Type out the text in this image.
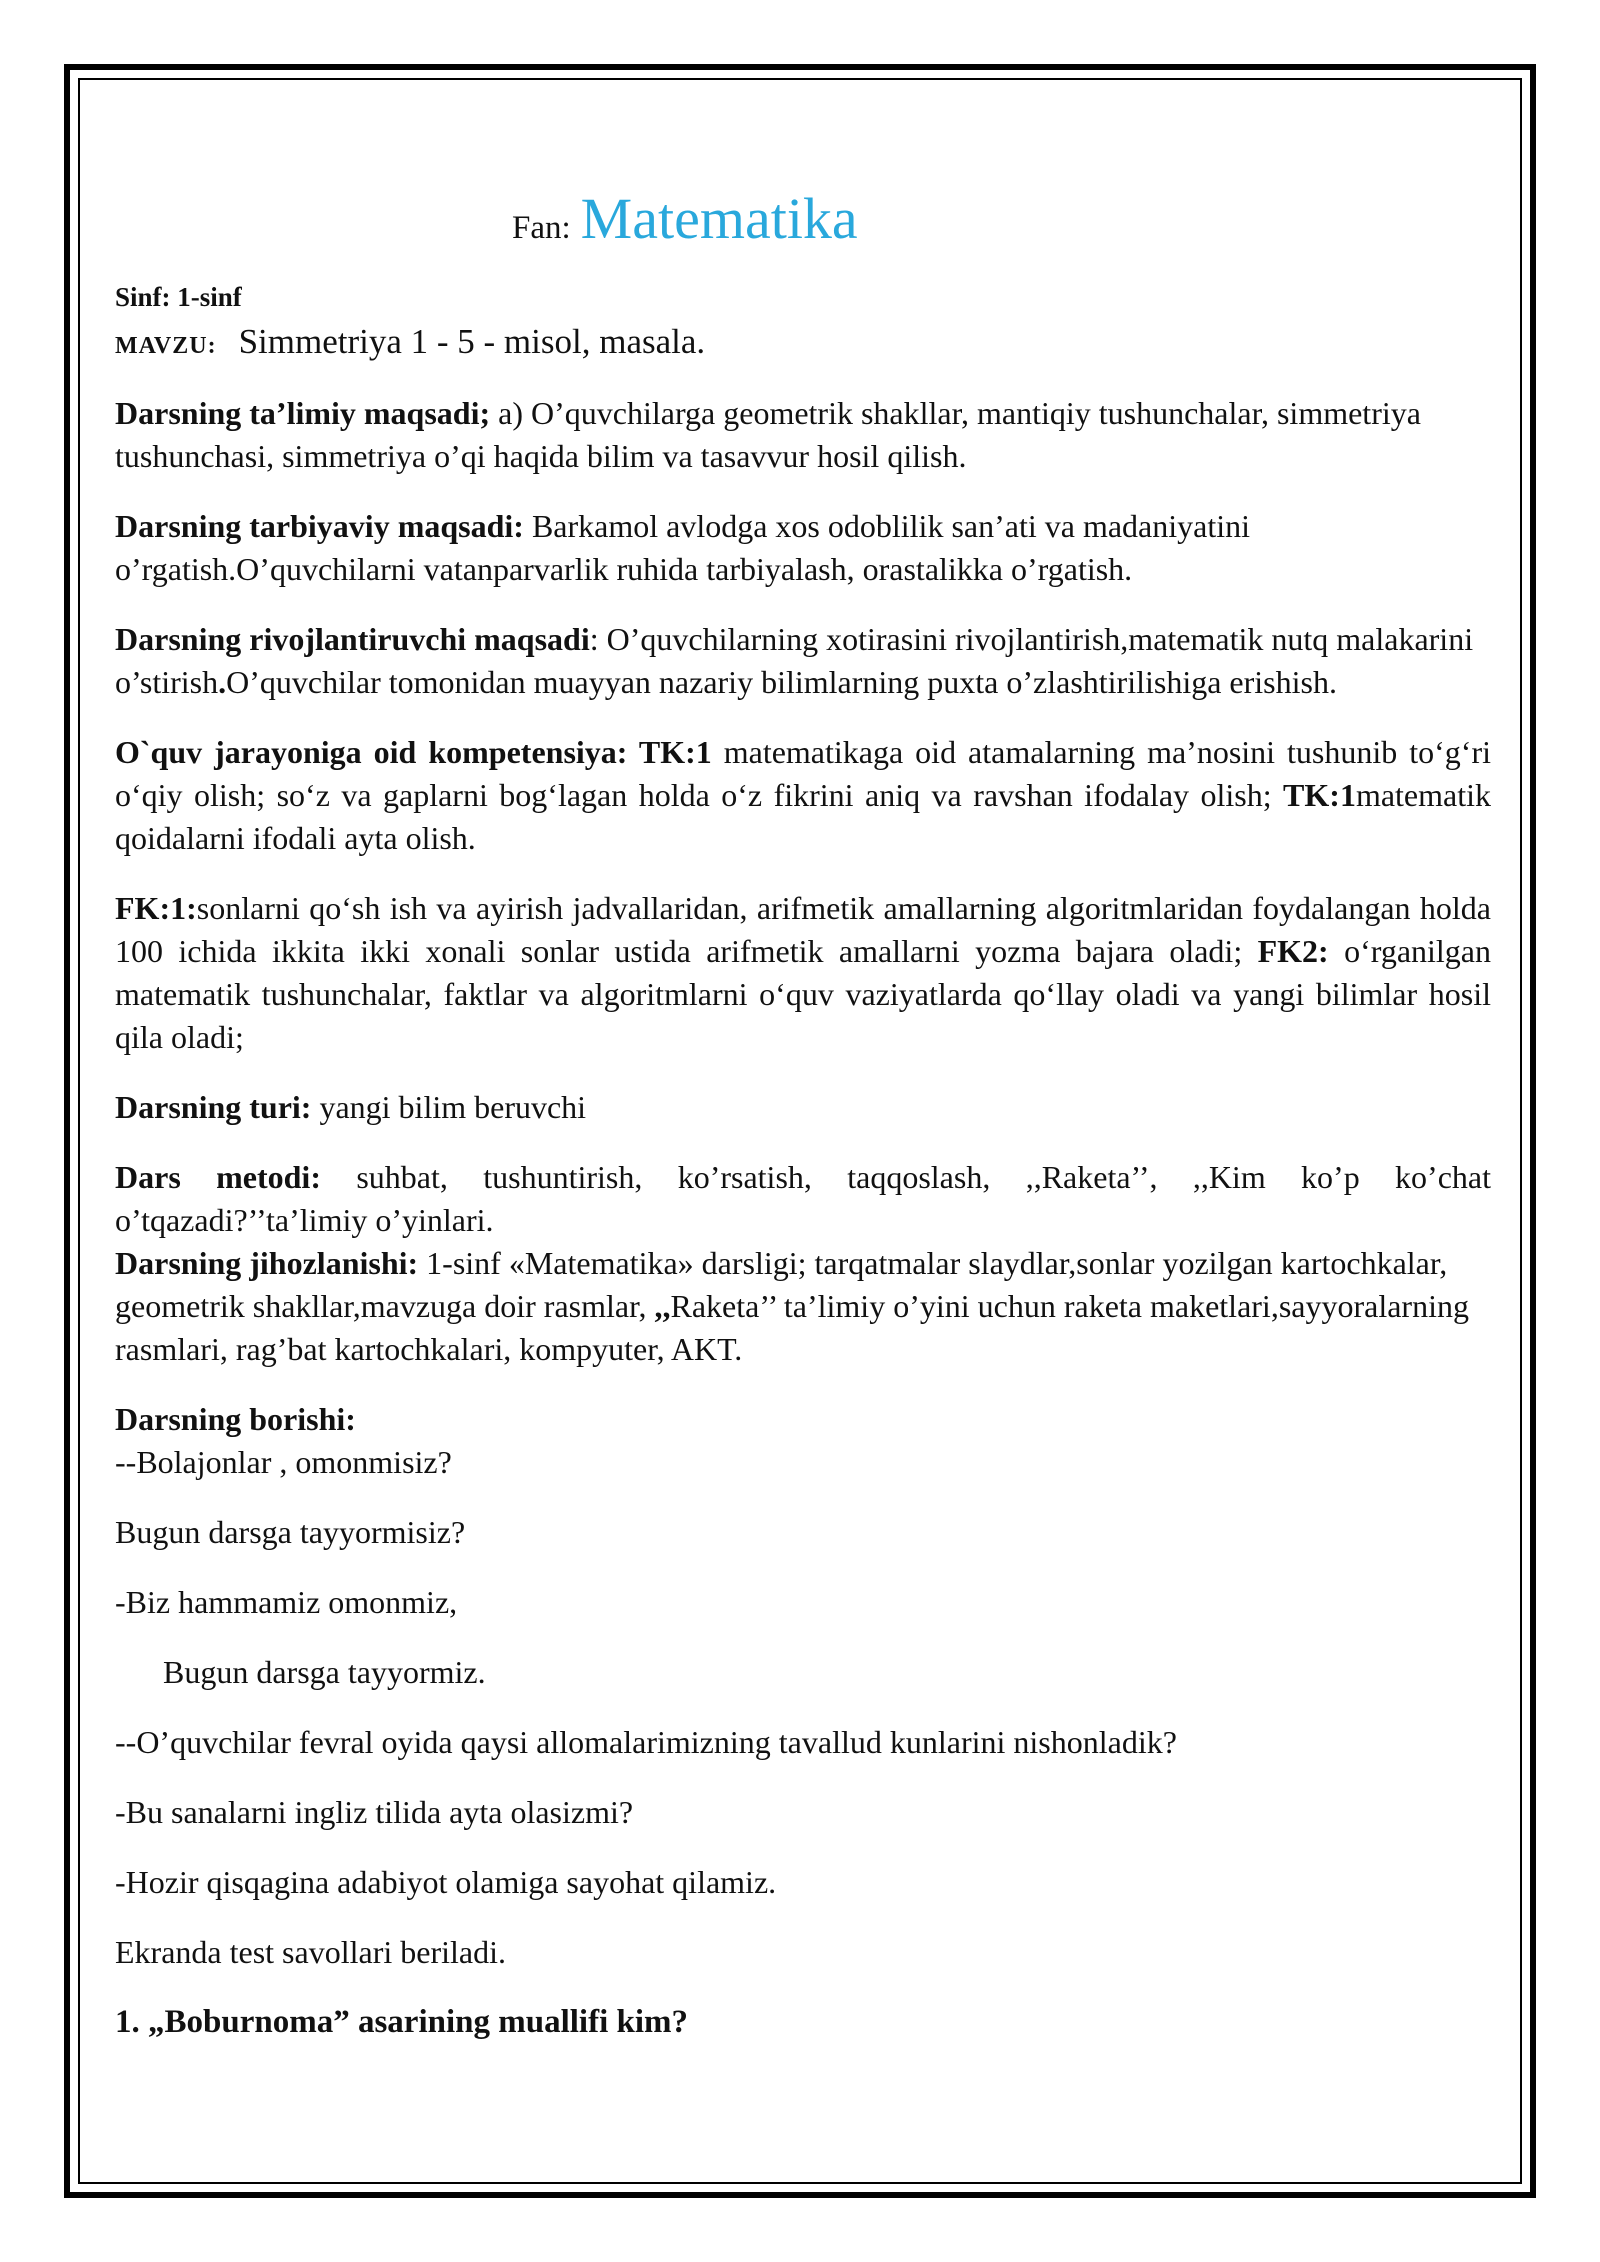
Fan: Matematika
Sinf: 1-sinf
MAVZU: Simmetriya 1 - 5 - misol, masala.

Darsning ta’limiy maqsadi; a) O’quvchilarga geometrik shakllar, mantiqiy tushunchalar, simmetriya tushunchasi, simmetriya o’qi haqida bilim va tasavvur hosil qilish.

Darsning tarbiyaviy maqsadi: Barkamol avlodga xos odoblilik san’ati va madaniyatini o’rgatish.O’quvchilarni vatanparvarlik ruhida tarbiyalash, orastalikka o’rgatish.

Darsning rivojlantiruvchi maqsadi: O’quvchilarning xotirasini rivojlantirish,matematik nutq malakarini o’stirish.O’quvchilar tomonidan muayyan nazariy bilimlarning puxta o’zlashtirilishiga erishish.

O`quv jarayoniga oid kompetensiya: TK:1 matematikaga oid atamalarning ma’nosini tushunib to‘g‘ri o‘qiy olish; so‘z va gaplarni bog‘lagan holda o‘z fikrini aniq va ravshan ifodalay olish; TK:1matematik qoidalarni ifodali ayta olish.

FK:1:sonlarni qo‘sh ish va ayirish jadvallaridan, arifmetik amallarning algoritmlaridan foydalangan holda 100 ichida ikkita ikki xonali sonlar ustida arifmetik amallarni yozma bajara oladi; FK2: o‘rganilgan matematik tushunchalar, faktlar va algoritmlarni o‘quv vaziyatlarda qo‘llay oladi va yangi bilimlar hosil qila oladi;

Darsning turi: yangi bilim beruvchi

Dars metodi: suhbat, tushuntirish, ko’rsatish, taqqoslash, ,,Raketa’’, ,,Kim ko’p ko’chat o’tqazadi?’’ta’limiy o’yinlari.

Darsning jihozlanishi: 1-sinf «Matematika» darsligi; tarqatmalar slaydlar,sonlar yozilgan kartochkalar, geometrik shakllar,mavzuga doir rasmlar, ,,Raketa’’ ta’limiy o’yini uchun raketa maketlari,sayyoralarning rasmlari, rag’bat kartochkalari, kompyuter, AKT.

Darsning borishi:

--Bolajonlar , omonmisiz?

Bugun darsga tayyormisiz?

-Biz hammamiz omonmiz,

Bugun darsga tayyormiz.

--O’quvchilar fevral oyida qaysi allomalarimizning tavallud kunlarini nishonladik?

-Bu sanalarni ingliz tilida ayta olasizmi?

-Hozir qisqagina adabiyot olamiga sayohat qilamiz.

Ekranda test savollari beriladi.

1. „Boburnoma” asarining muallifi kim?
